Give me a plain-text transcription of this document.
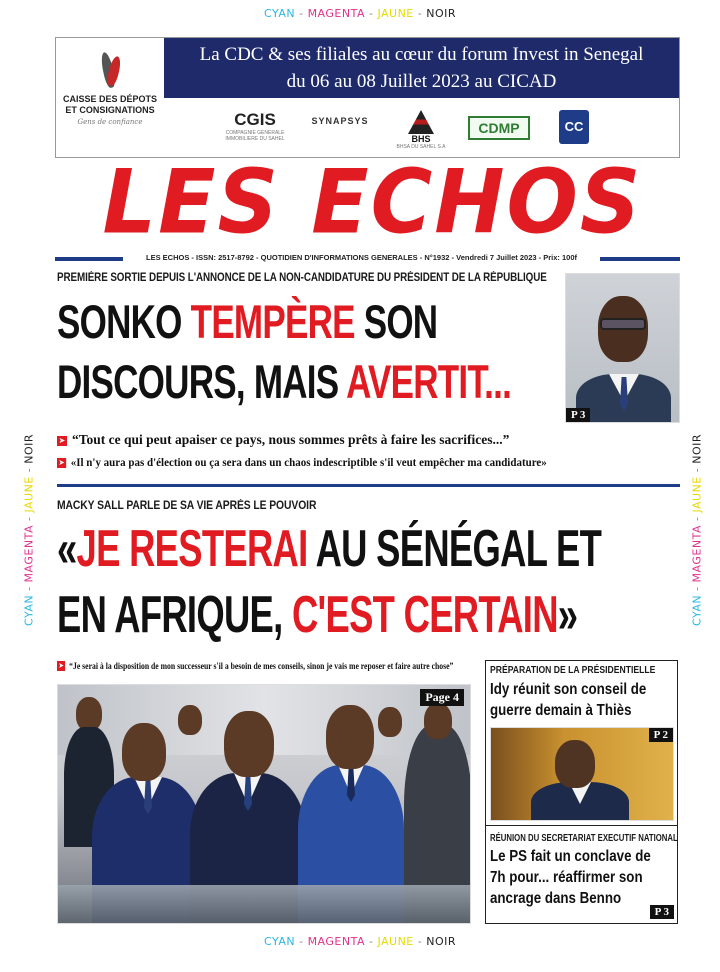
CYAN - MAGENTA - JAUNE - NOIR
CYAN - MAGENTA - JAUNE - NOIR
CYAN - MAGENTA - JAUNE - NOIR
CYAN - MAGENTA - JAUNE - NOIR
CAISSE DES DÉPOTS
ET CONSIGNATIONS
Gens de confiance
La CDC & ses filiales au cœur du forum Invest in Senegal
du 06 au 08 Juillet 2023 au CICAD
CGIS
COMPAGNIE GENERALE IMMOBILIERE DU SAHEL
SYNAPSYS
BHS
BHSA DU SAHEL S.A
CDMP	CC
LES ECHOS
LES ECHOS - ISSN: 2517-8792 - QUOTIDIEN D'INFORMATIONS GENERALES - N°1932 - Vendredi 7 Juillet 2023 - Prix: 100f
PREMIÈRE SORTIE DEPUIS L'ANNONCE DE LA NON-CANDIDATURE DU PRÉSIDENT DE LA RÉPUBLIQUE
SONKO TEMPÈRE SON
DISCOURS, MAIS AVERTIT...
P 3
➤ “Tout ce qui peut apaiser ce pays, nous sommes prêts à faire les sacrifices...”
➤ «Il n'y aura pas d'élection ou ça sera dans un chaos indescriptible s'il veut empêcher ma candidature»
MACKY SALL PARLE DE SA VIE APRÈS LE POUVOIR
«JE RESTERAI AU SÉNÉGAL ET
EN AFRIQUE, C'EST CERTAIN»
➤ “Je serai à la disposition de mon successeur s'il a besoin de mes conseils, sinon je vais me reposer et faire autre chose”
Page 4
PRÉPARATION DE LA PRÉSIDENTIELLE
Idy réunit son conseil de
guerre demain à Thiès
P 2
RÉUNION DU SECRETARIAT EXECUTIF NATIONAL
Le PS fait un conclave de
7h pour... réaffirmer son
ancrage dans Benno
P 3
